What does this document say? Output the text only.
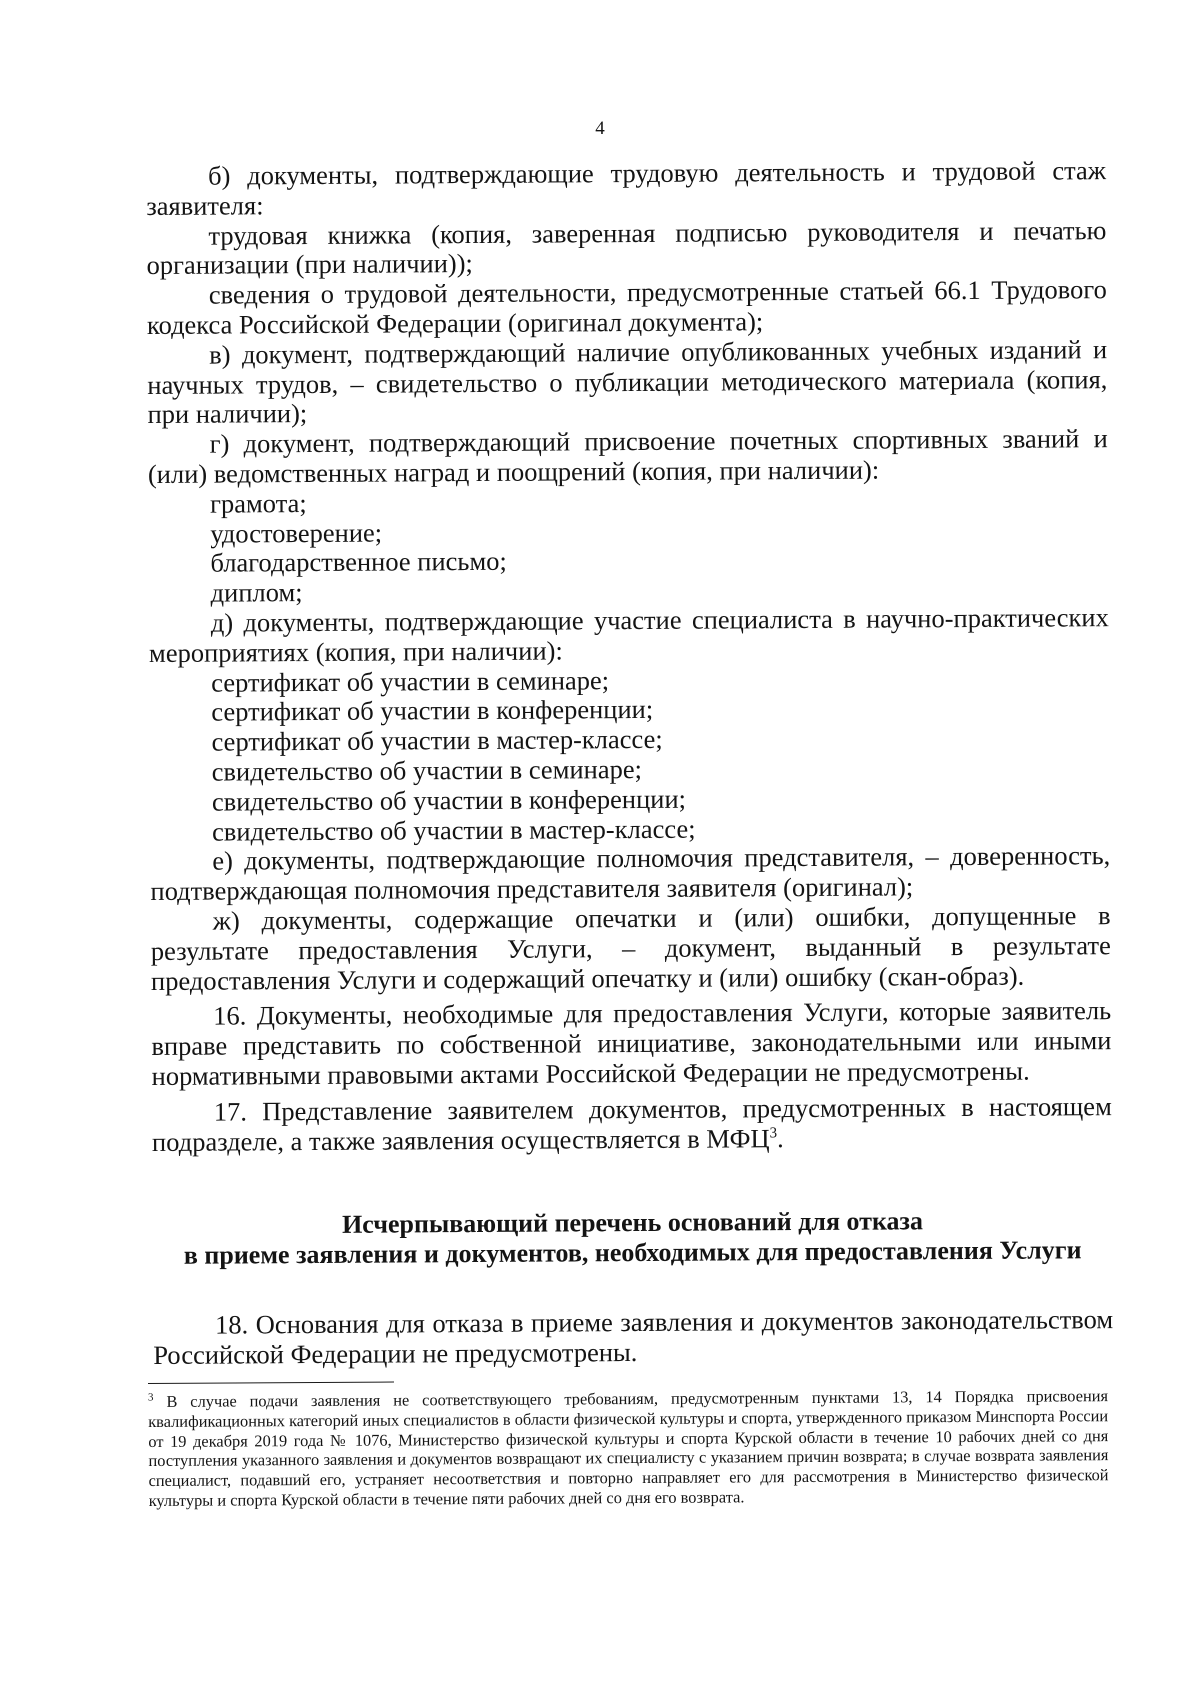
4

б) документы, подтверждающие трудовую деятельность и трудовой стаж заявителя:

трудовая книжка (копия, заверенная подписью руководителя и печатью организации (при наличии));

сведения о трудовой деятельности, предусмотренные статьей 66.1 Трудового кодекса Российской Федерации (оригинал документа);

в) документ, подтверждающий наличие опубликованных учебных изданий и научных трудов, – свидетельство о публикации методического материала (копия, при наличии);

г) документ, подтверждающий присвоение почетных спортивных званий и (или) ведомственных наград и поощрений (копия, при наличии):

грамота;

удостоверение;

благодарственное письмо;

диплом;

д) документы, подтверждающие участие специалиста в научно-практических мероприятиях (копия, при наличии):

сертификат об участии в семинаре;

сертификат об участии в конференции;

сертификат об участии в мастер-классе;

свидетельство об участии в семинаре;

свидетельство об участии в конференции;

свидетельство об участии в мастер-классе;

е) документы, подтверждающие полномочия представителя, – доверенность, подтверждающая полномочия представителя заявителя (оригинал);

ж) документы, содержащие опечатки и (или) ошибки, допущенные в результате предоставления Услуги, – документ, выданный в результате предоставления Услуги и содержащий опечатку и (или) ошибку (скан-образ).

16. Документы, необходимые для предоставления Услуги, которые заявитель вправе представить по собственной инициативе, законодательными или иными нормативными правовыми актами Российской Федерации не предусмотрены.

17. Представление заявителем документов, предусмотренных в настоящем подразделе, а также заявления осуществляется в МФЦ$^3$.

Исчерпывающий перечень оснований для отказа
в приеме заявления и документов, необходимых для предоставления Услуги

18. Основания для отказа в приеме заявления и документов законодательством Российской Федерации не предусмотрены.

$^3$ В случае подачи заявления не соответствующего требованиям, предусмотренным пунктами 13, 14 Порядка присвоения квалификационных категорий иных специалистов в области физической культуры и спорта, утвержденного приказом Минспорта России от 19 декабря 2019 года № 1076, Министерство физической культуры и спорта Курской области в течение 10 рабочих дней со дня поступления указанного заявления и документов возвращают их специалисту с указанием причин возврата; в случае возврата заявления специалист, подавший его, устраняет несоответствия и повторно направляет его для рассмотрения в Министерство физической культуры и спорта Курской области в течение пяти рабочих дней со дня его возврата.
